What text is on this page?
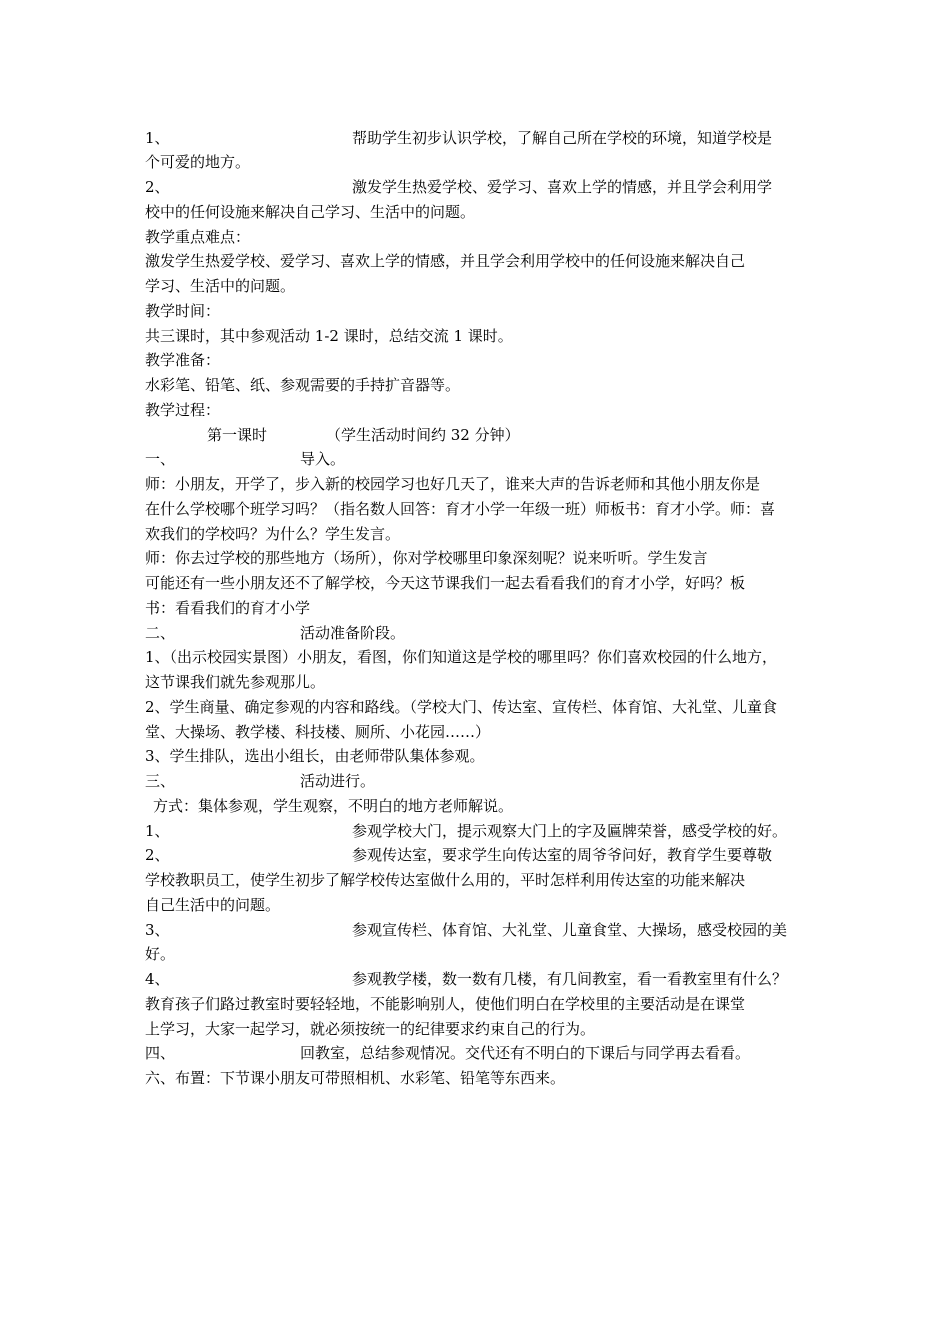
1、	帮助学生初步认识学校，了解自己所在学校的环境，知道学校是
个可爱的地方。
2、	激发学生热爱学校、爱学习、喜欢上学的情感，并且学会利用学
校中的任何设施来解决自己学习、生活中的问题。
教学重点难点：
激发学生热爱学校、爱学习、喜欢上学的情感，并且学会利用学校中的任何设施来解决自己
学习、生活中的问题。
教学时间：
共三课时，其中参观活动 1-2 课时，总结交流 1 课时。
教学准备：
水彩笔、铅笔、纸、参观需要的手持扩音器等。
教学过程：
第一课时	（学生活动时间约 32 分钟）
一、	导入。
师：小朋友，开学了，步入新的校园学习也好几天了，谁来大声的告诉老师和其他小朋友你是
在什么学校哪个班学习吗？（指名数人回答：育才小学一年级一班）师板书：育才小学。师：喜
欢我们的学校吗？为什么？学生发言。
师：你去过学校的那些地方（场所），你对学校哪里印象深刻呢？说来听听。学生发言
可能还有一些小朋友还不了解学校，今天这节课我们一起去看看我们的育才小学，好吗？板
书：看看我们的育才小学
二、	活动准备阶段。
1、（出示校园实景图）小朋友，看图，你们知道这是学校的哪里吗？你们喜欢校园的什么地方，
这节课我们就先参观那儿。
2、学生商量、确定参观的内容和路线。（学校大门、传达室、宣传栏、体育馆、大礼堂、儿童食
堂、大操场、教学楼、科技楼、厕所、小花园……）
3、学生排队，选出小组长，由老师带队集体参观。
三、	活动进行。
方式：集体参观，学生观察，不明白的地方老师解说。
1、	参观学校大门，提示观察大门上的字及匾牌荣誉，感受学校的好。
2、	参观传达室，要求学生向传达室的周爷爷问好，教育学生要尊敬
学校教职员工，使学生初步了解学校传达室做什么用的，平时怎样利用传达室的功能来解决
自己生活中的问题。
3、	参观宣传栏、体育馆、大礼堂、儿童食堂、大操场，感受校园的美
好。
4、	参观教学楼，数一数有几楼，有几间教室，看一看教室里有什么？
教育孩子们路过教室时要轻轻地，不能影响别人，使他们明白在学校里的主要活动是在课堂
上学习，大家一起学习，就必须按统一的纪律要求约束自己的行为。
四、	回教室，总结参观情况。交代还有不明白的下课后与同学再去看看。
六、布置：下节课小朋友可带照相机、水彩笔、铅笔等东西来。
